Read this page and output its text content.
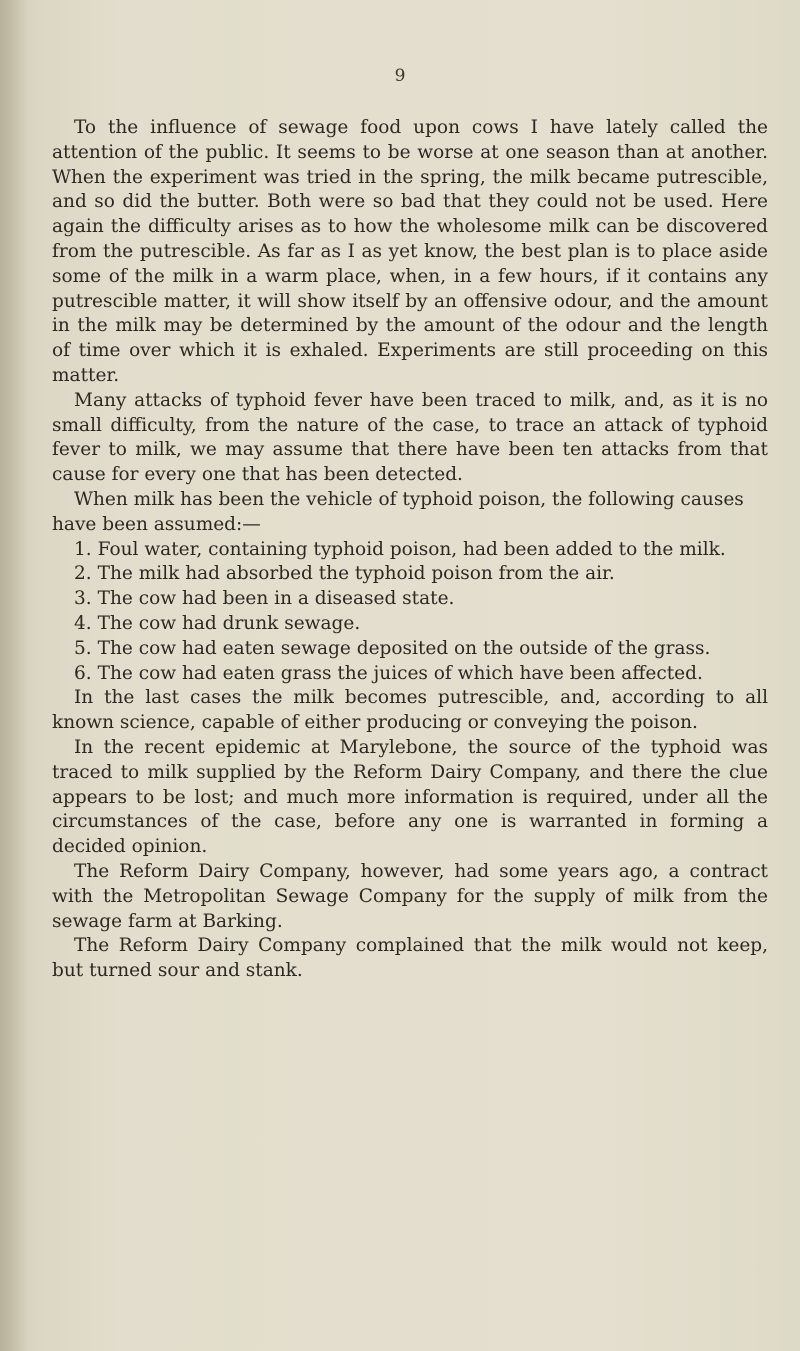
9

To the influence of sewage food upon cows I have lately called the attention of the public. It seems to be worse at one season than at another. When the experiment was tried in the spring, the milk became putrescible, and so did the butter. Both were so bad that they could not be used. Here again the difficulty arises as to how the wholesome milk can be discovered from the putrescible. As far as I as yet know, the best plan is to place aside some of the milk in a warm place, when, in a few hours, if it contains any putrescible matter, it will show itself by an offensive odour, and the amount in the milk may be determined by the amount of the odour and the length of time over which it is exhaled. Experiments are still proceeding on this matter.

Many attacks of typhoid fever have been traced to milk, and, as it is no small difficulty, from the nature of the case, to trace an attack of typhoid fever to milk, we may assume that there have been ten attacks from that cause for every one that has been detected.

When milk has been the vehicle of typhoid poison, the following causes have been assumed:—

1. Foul water, containing typhoid poison, had been added to the milk.
2. The milk had absorbed the typhoid poison from the air.
3. The cow had been in a diseased state.
4. The cow had drunk sewage.
5. The cow had eaten sewage deposited on the outside of the grass.
6. The cow had eaten grass the juices of which have been affected.

In the last cases the milk becomes putrescible, and, according to all known science, capable of either producing or conveying the poison.

In the recent epidemic at Marylebone, the source of the typhoid was traced to milk supplied by the Reform Dairy Company, and there the clue appears to be lost; and much more information is required, under all the circumstances of the case, before any one is warranted in forming a decided opinion.

The Reform Dairy Company, however, had some years ago, a contract with the Metropolitan Sewage Company for the supply of milk from the sewage farm at Barking.

The Reform Dairy Company complained that the milk would not keep, but turned sour and stank.
